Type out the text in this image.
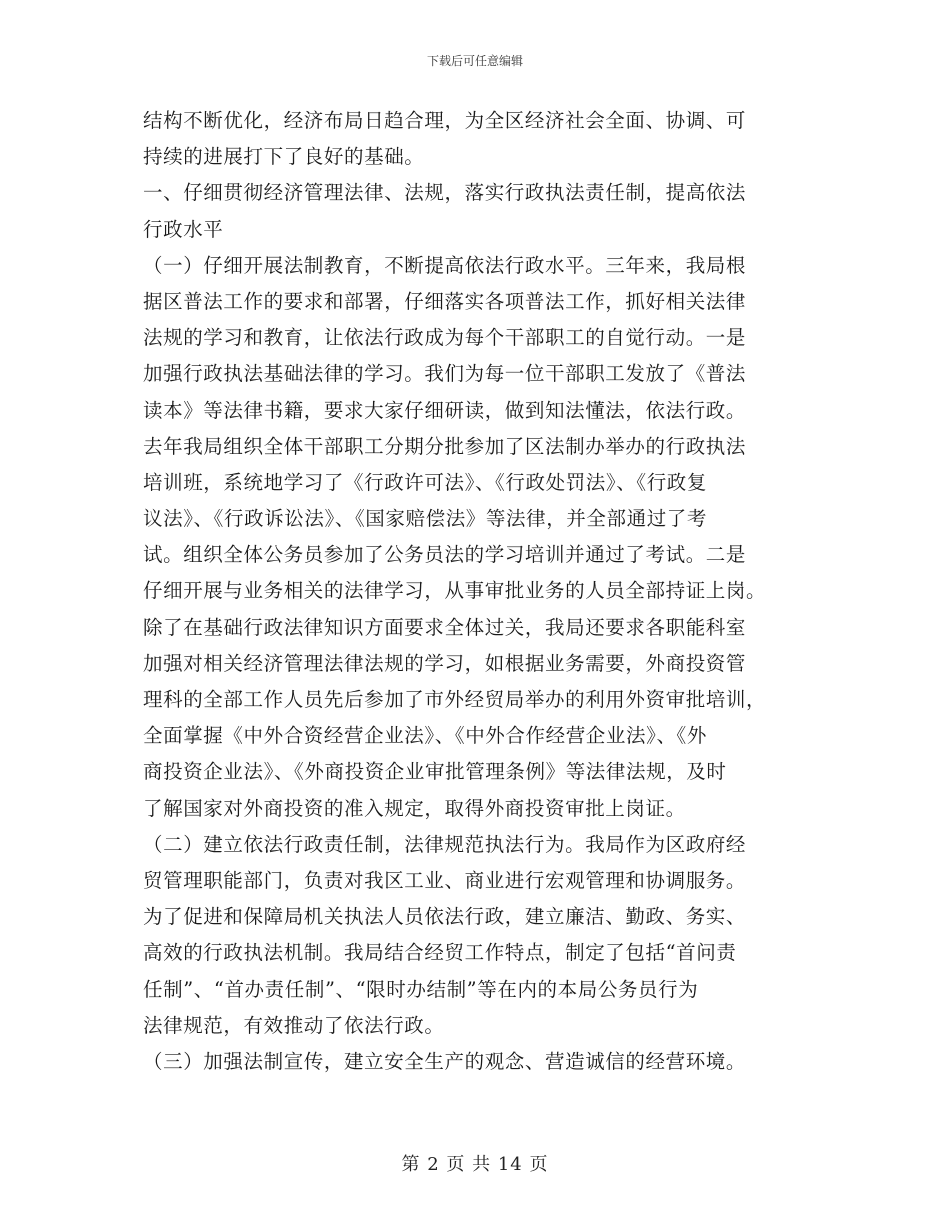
下载后可任意编辑
结构不断优化，经济布局日趋合理，为全区经济社会全面、协调、可
持续的进展打下了良好的基础。
一、仔细贯彻经济管理法律、法规，落实行政执法责任制，提高依法
行政水平
（一）仔细开展法制教育，不断提高依法行政水平。三年来，我局根
据区普法工作的要求和部署，仔细落实各项普法工作，抓好相关法律
法规的学习和教育，让依法行政成为每个干部职工的自觉行动。一是
加强行政执法基础法律的学习。我们为每一位干部职工发放了《普法
读本》等法律书籍，要求大家仔细研读，做到知法懂法，依法行政。
去年我局组织全体干部职工分期分批参加了区法制办举办的行政执法
培训班，系统地学习了《行政许可法》、《行政处罚法》、《行政复
议法》、《行政诉讼法》、《国家赔偿法》等法律，并全部通过了考
试。组织全体公务员参加了公务员法的学习培训并通过了考试。二是
仔细开展与业务相关的法律学习，从事审批业务的人员全部持证上岗。
除了在基础行政法律知识方面要求全体过关，我局还要求各职能科室
加强对相关经济管理法律法规的学习，如根据业务需要，外商投资管
理科的全部工作人员先后参加了市外经贸局举办的利用外资审批培训，
全面掌握《中外合资经营企业法》、《中外合作经营企业法》、《外
商投资企业法》、《外商投资企业审批管理条例》等法律法规，及时
了解国家对外商投资的准入规定，取得外商投资审批上岗证。
（二）建立依法行政责任制，法律规范执法行为。我局作为区政府经
贸管理职能部门，负责对我区工业、商业进行宏观管理和协调服务。
为了促进和保障局机关执法人员依法行政，建立廉洁、勤政、务实、
高效的行政执法机制。我局结合经贸工作特点，制定了包括“首问责
任制”、“首办责任制”、“限时办结制”等在内的本局公务员行为
法律规范，有效推动了依法行政。
（三）加强法制宣传，建立安全生产的观念、营造诚信的经营环境。
第 2 页 共 14 页
